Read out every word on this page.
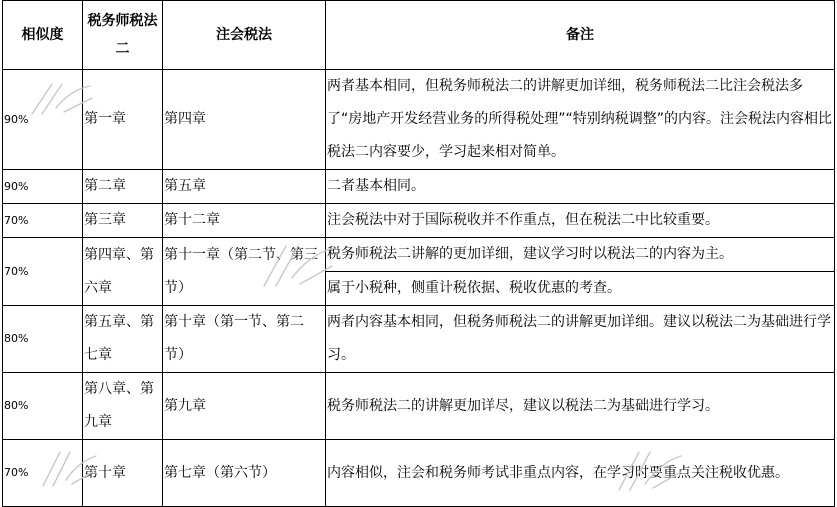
相似度	税务师税法二	注会税法	备注
90%	第一章	第四章	两者基本相同，但税务师税法二的讲解更加详细，税务师税法二比注会税法多了“房地产开发经营业务的所得税处理”“特别纳税调整”的内容。注会税法内容相比税法二内容要少，学习起来相对简单。
90%	第二章	第五章	二者基本相同。
70%	第三章	第十二章	注会税法中对于国际税收并不作重点，但在税法二中比较重要。
70%	第四章、第六章	第十一章（第二节、第三节）	税务师税法二讲解的更加详细，建议学习时以税法二的内容为主。
			属于小税种，侧重计税依据、税收优惠的考查。
80%	第五章、第七章	第十章（第一节、第二节）	两者内容基本相同，但税务师税法二的讲解更加详细。建议以税法二为基础进行学习。
80%	第八章、第九章	第九章	税务师税法二的讲解更加详尽，建议以税法二为基础进行学习。
70%	第十章	第七章（第六节）	内容相似，注会和税务师考试非重点内容，在学习时要重点关注税收优惠。
